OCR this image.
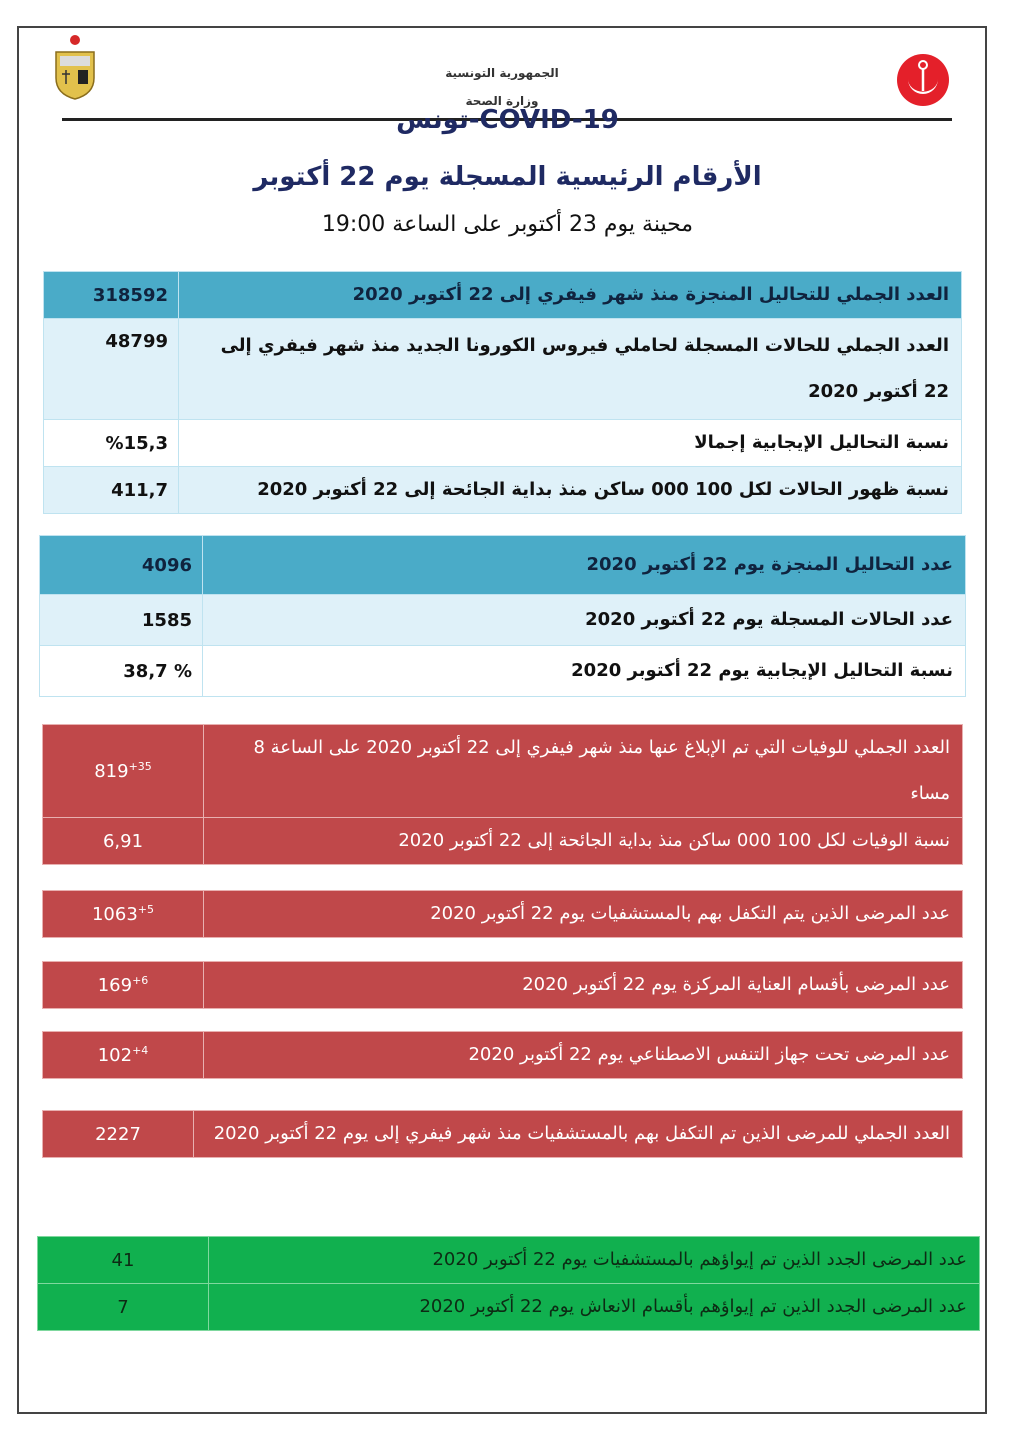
الجمهورية التونسية
وزارة الصحة
COVID-19-تونس
الأرقام الرئيسية المسجلة يوم 22 أكتوبر
محينة يوم 23 أكتوبر على الساعة 19:00
العدد الجملي للتحاليل المنجزة منذ شهر فيفري إلى 22 أكتوبر 2020	318592
العدد الجملي للحالات المسجلة لحاملي فيروس الكورونا الجديد منذ شهر فيفري إلى 22 أكتوبر 2020	48799
نسبة التحاليل الإيجابية إجمالا	%15,3
نسبة ظهور الحالات لكل 100 000 ساكن منذ بداية الجائحة إلى 22 أكتوبر 2020	411,7
عدد التحاليل المنجزة يوم 22 أكتوبر 2020	4096
عدد الحالات المسجلة يوم 22 أكتوبر 2020	1585
نسبة التحاليل الإيجابية يوم 22 أكتوبر 2020	% 38,7
العدد الجملي للوفيات التي تم الإبلاغ عنها منذ شهر فيفري إلى 22 أكتوبر 2020 على الساعة 8 مساء	$819^{+35}$
نسبة الوفيات لكل 100 000 ساكن منذ بداية الجائحة إلى 22 أكتوبر 2020	6,91
عدد المرضى الذين يتم التكفل بهم بالمستشفيات يوم 22 أكتوبر 2020	$1063^{+5}$
عدد المرضى بأقسام العناية المركزة يوم 22 أكتوبر 2020	$169^{+6}$
عدد المرضى تحت جهاز التنفس الاصطناعي يوم 22 أكتوبر 2020	$102^{+4}$
العدد الجملي للمرضى الذين تم التكفل بهم بالمستشفيات منذ شهر فيفري إلى يوم 22 أكتوبر 2020	2227
عدد المرضى الجدد الذين تم إيواؤهم بالمستشفيات يوم 22 أكتوبر 2020	41
عدد المرضى الجدد الذين تم إيواؤهم بأقسام الانعاش يوم 22 أكتوبر 2020	7
